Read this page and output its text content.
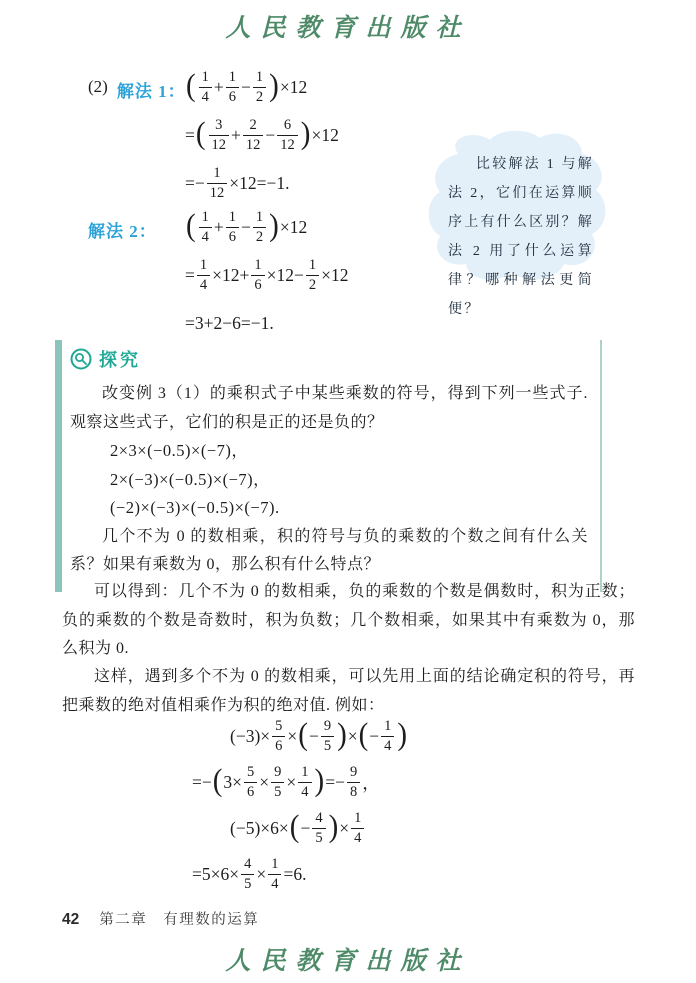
人民教育出版社
(2) 解法 1： ( $\frac{1}{4} + \frac{1}{6} - \frac{1}{2}$ ) ×12
= ( $\frac{3}{12} + \frac{2}{12} - \frac{6}{12}$ ) ×12
=− $\frac{1}{12} \times 12=-1$.
解法 2： ( $\frac{1}{4} + \frac{1}{6} - \frac{1}{2}$ ) ×12
= $\frac{1}{4} \times 12+ \frac{1}{6} \times 12- \frac{1}{2} \times 12$
=3+2−6=−1.
比较解法 1 与解法 2，它们在运算顺序上有什么区别？解法 2 用了什么运算律？哪种解法更简便？
探究
改变例 3（1）的乘积式子中某些乘数的符号，得到下列一些式子. 观察这些式子，它们的积是正的还是负的？
2×3×(−0.5)×(−7)，
2×(−3)×(−0.5)×(−7)，
(−2)×(−3)×(−0.5)×(−7).
几个不为 0 的数相乘，积的符号与负的乘数的个数之间有什么关系？如果有乘数为 0，那么积有什么特点？
可以得到：几个不为 0 的数相乘，负的乘数的个数是偶数时，积为正数；负的乘数的个数是奇数时，积为负数；几个数相乘，如果其中有乘数为 0，那么积为 0.
这样，遇到多个不为 0 的数相乘，可以先用上面的结论确定积的符号，再把乘数的绝对值相乘作为积的绝对值. 例如：
$(-3)\times \frac{5}{6}$ × ( − $\frac{9}{5}$ ) × ( − $\frac{1}{4}$ )
=− ( $3\times \frac{5}{6} \times \frac{9}{5} \times \frac{1}{4}$ ) =− $\frac{9}{8}$ ，
(−5)×6× ( − $\frac{4}{5}$ ) × $\frac{1}{4}$
$=5\times 6\times \frac{4}{5} \times \frac{1}{4} =6$.
42 第二章　有理数的运算
人民教育出版社
